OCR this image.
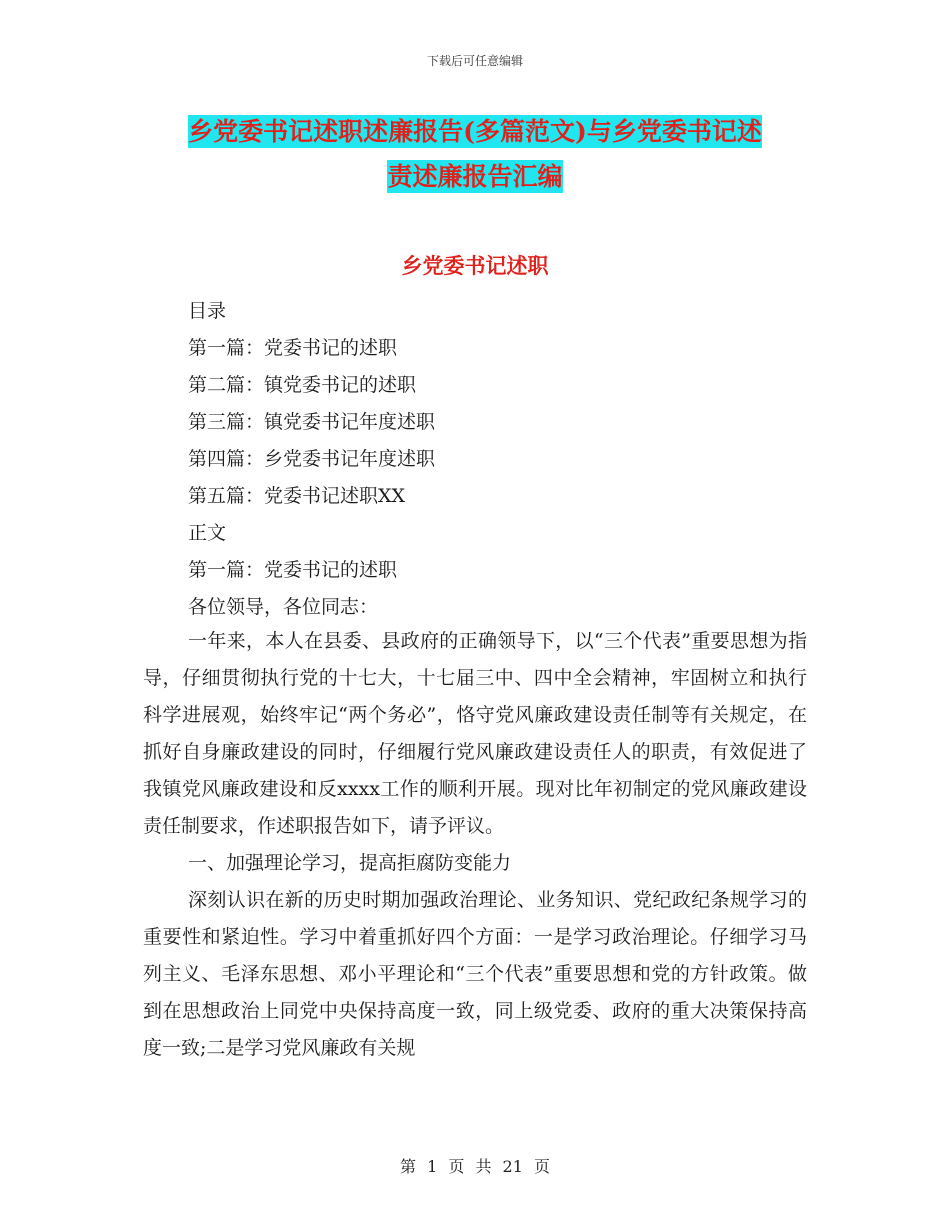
下载后可任意编辑
乡党委书记述职述廉报告(多篇范文)与乡党委书记述
责述廉报告汇编
乡党委书记述职
目录
第一篇：党委书记的述职
第二篇：镇党委书记的述职
第三篇：镇党委书记年度述职
第四篇：乡党委书记年度述职
第五篇：党委书记述职XX
正文
第一篇：党委书记的述职
各位领导，各位同志：

一年来，本人在县委、县政府的正确领导下，以“三个代表”重要思想为指导，仔细贯彻执行党的十七大，十七届三中、四中全会精神，牢固树立和执行科学进展观，始终牢记“两个务必”，恪守党风廉政建设责任制等有关规定，在抓好自身廉政建设的同时，仔细履行党风廉政建设责任人的职责，有效促进了我镇党风廉政建设和反xxxx工作的顺利开展。现对比年初制定的党风廉政建设责任制要求，作述职报告如下，请予评议。

一、加强理论学习，提高拒腐防变能力

深刻认识在新的历史时期加强政治理论、业务知识、党纪政纪条规学习的重要性和紧迫性。学习中着重抓好四个方面：一是学习政治理论。仔细学习马列主义、毛泽东思想、邓小平理论和“三个代表”重要思想和党的方针政策。做到在思想政治上同党中央保持高度一致，同上级党委、政府的重大决策保持高度一致;二是学习党风廉政有关规

第 1 页 共 21 页
